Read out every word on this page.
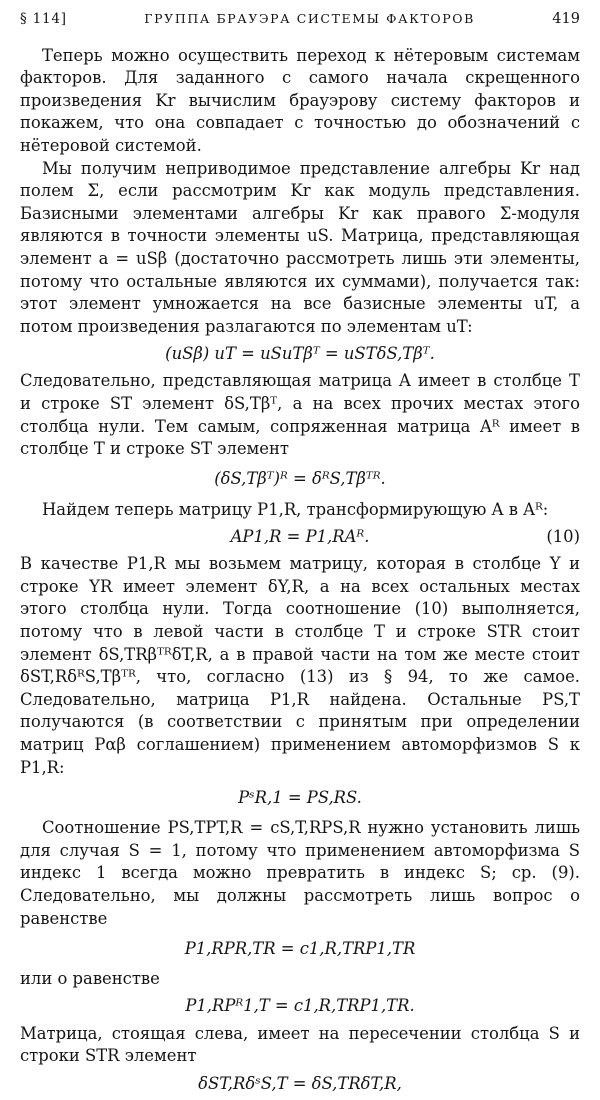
§ 114]	ГРУППА БРАУЭРА СИСТЕМЫ ФАКТОРОВ	419

Теперь можно осуществить переход к нётеровым системам факторов. Для заданного с самого начала скрещенного произведения Kr вычислим брауэрову систему факторов и покажем, что она совпадает с точностью до обозначений с нётеровой системой.

Мы получим неприводимое представление алгебры Kr над полем Σ, если рассмотрим Kr как модуль представления. Базисными элементами алгебры Kr как правого Σ-модуля являются в точности элементы uS. Матрица, представляющая элемент a = uSβ (достаточно рассмотреть лишь эти элементы, потому что остальные являются их суммами), получается так: этот элемент умножается на все базисные элементы uT, а потом произведения разлагаются по элементам uT:

(uSβ) uT = uSuTβᵀ = uSTδS,Tβᵀ.

Следовательно, представляющая матрица A имеет в столбце T и строке ST элемент δS,Tβᵀ, а на всех прочих местах этого столбца нули. Тем самым, сопряженная матрица Aᴿ имеет в столбце T и строке ST элемент

(δS,Tβᵀ)ᴿ = δᴿS,Tβᵀᴿ.

Найдем теперь матрицу P1,R, трансформирующую A в Aᴿ:

AP1,R = P1,RAᴿ.	(10)

В качестве P1,R мы возьмем матрицу, которая в столбце Y и строке YR имеет элемент δY,R, а на всех остальных местах этого столбца нули. Тогда соотношение (10) выполняется, потому что в левой части в столбце T и строке STR стоит элемент δS,TRβᵀᴿδT,R, а в правой части на том же месте стоит δST,RδᴿS,Tβᵀᴿ, что, согласно (13) из § 94, то же самое. Следовательно, матрица P1,R найдена. Остальные PS,T получаются (в соответствии с принятым при определении матриц Pαβ соглашением) применением автоморфизмов S к P1,R:

PˢR,1 = PS,RS.

Соотношение PS,TPT,R = cS,T,RPS,R нужно установить лишь для случая S = 1, потому что применением автоморфизма S индекс 1 всегда можно превратить в индекс S; ср. (9). Следовательно, мы должны рассмотреть лишь вопрос о равенстве

P1,RPR,TR = c1,R,TRP1,TR

или о равенстве

P1,RPᴿ1,T = c1,R,TRP1,TR.

Матрица, стоящая слева, имеет на пересечении столбца S и строки STR элемент

δST,RδˢS,T = δS,TRδT,R,
